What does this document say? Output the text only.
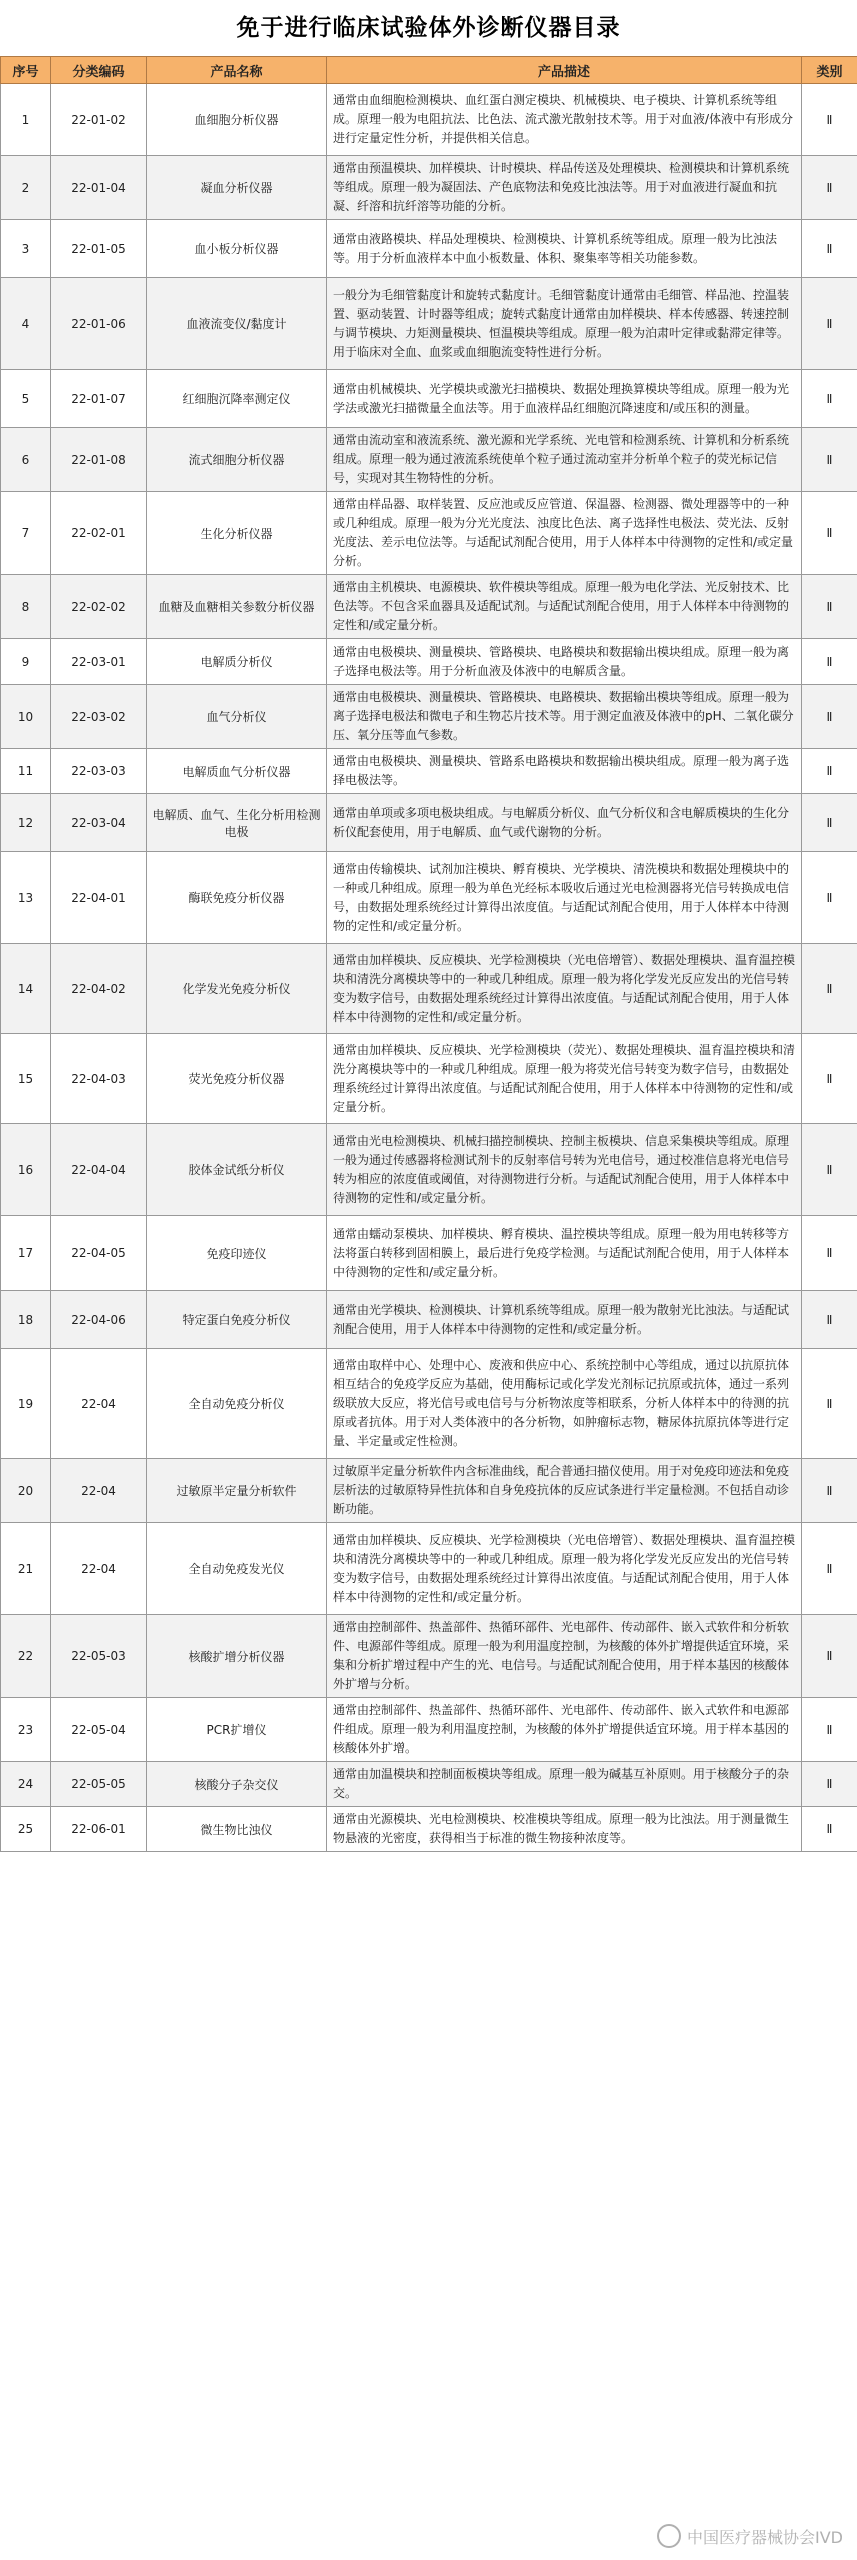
免于进行临床试验体外诊断仪器目录
序号	分类编码	产品名称	产品描述	类别
1	22-01-02	血细胞分析仪器	通常由血细胞检测模块、血红蛋白测定模块、机械模块、电子模块、计算机系统等组成。原理一般为电阻抗法、比色法、流式激光散射技术等。用于对血液/体液中有形成分进行定量定性分析，并提供相关信息。	Ⅱ
2	22-01-04	凝血分析仪器	通常由预温模块、加样模块、计时模块、样品传送及处理模块、检测模块和计算机系统等组成。原理一般为凝固法、产色底物法和免疫比浊法等。用于对血液进行凝血和抗凝、纤溶和抗纤溶等功能的分析。	Ⅱ
3	22-01-05	血小板分析仪器	通常由液路模块、样品处理模块、检测模块、计算机系统等组成。原理一般为比浊法等。用于分析血液样本中血小板数量、体积、聚集率等相关功能参数。	Ⅱ
4	22-01-06	血液流变仪/黏度计	一般分为毛细管黏度计和旋转式黏度计。毛细管黏度计通常由毛细管、样品池、控温装置、驱动装置、计时器等组成；旋转式黏度计通常由加样模块、样本传感器、转速控制与调节模块、力矩测量模块、恒温模块等组成。原理一般为泊肃叶定律或黏滞定律等。用于临床对全血、血浆或血细胞流变特性进行分析。	Ⅱ
5	22-01-07	红细胞沉降率测定仪	通常由机械模块、光学模块或激光扫描模块、数据处理换算模块等组成。原理一般为光学法或激光扫描微量全血法等。用于血液样品红细胞沉降速度和/或压积的测量。	Ⅱ
6	22-01-08	流式细胞分析仪器	通常由流动室和液流系统、激光源和光学系统、光电管和检测系统、计算机和分析系统组成。原理一般为通过液流系统使单个粒子通过流动室并分析单个粒子的荧光标记信号，实现对其生物特性的分析。	Ⅱ
7	22-02-01	生化分析仪器	通常由样品器、取样装置、反应池或反应管道、保温器、检测器、微处理器等中的一种或几种组成。原理一般为分光光度法、浊度比色法、离子选择性电极法、荧光法、反射光度法、差示电位法等。与适配试剂配合使用，用于人体样本中待测物的定性和/或定量分析。	Ⅱ
8	22-02-02	血糖及血糖相关参数分析仪器	通常由主机模块、电源模块、软件模块等组成。原理一般为电化学法、光反射技术、比色法等。不包含采血器具及适配试剂。与适配试剂配合使用，用于人体样本中待测物的定性和/或定量分析。	Ⅱ
9	22-03-01	电解质分析仪	通常由电极模块、测量模块、管路模块、电路模块和数据输出模块组成。原理一般为离子选择电极法等。用于分析血液及体液中的电解质含量。	Ⅱ
10	22-03-02	血气分析仪	通常由电极模块、测量模块、管路模块、电路模块、数据输出模块等组成。原理一般为离子选择电极法和微电子和生物芯片技术等。用于测定血液及体液中的pH、二氧化碳分压、氧分压等血气参数。	Ⅱ
11	22-03-03	电解质血气分析仪器	通常由电极模块、测量模块、管路系电路模块和数据输出模块组成。原理一般为离子选择电极法等。	Ⅱ
12	22-03-04	电解质、血气、生化分析用检测电极	通常由单项或多项电极块组成。与电解质分析仪、血气分析仪和含电解质模块的生化分析仪配套使用，用于电解质、血气或代谢物的分析。	Ⅱ
13	22-04-01	酶联免疫分析仪器	通常由传输模块、试剂加注模块、孵育模块、光学模块、清洗模块和数据处理模块中的一种或几种组成。原理一般为单色光经标本吸收后通过光电检测器将光信号转换成电信号，由数据处理系统经过计算得出浓度值。与适配试剂配合使用，用于人体样本中待测物的定性和/或定量分析。	Ⅱ
14	22-04-02	化学发光免疫分析仪	通常由加样模块、反应模块、光学检测模块（光电倍增管）、数据处理模块、温育温控模块和清洗分离模块等中的一种或几种组成。原理一般为将化学发光反应发出的光信号转变为数字信号，由数据处理系统经过计算得出浓度值。与适配试剂配合使用，用于人体样本中待测物的定性和/或定量分析。	Ⅱ
15	22-04-03	荧光免疫分析仪器	通常由加样模块、反应模块、光学检测模块（荧光）、数据处理模块、温育温控模块和清洗分离模块等中的一种或几种组成。原理一般为将荧光信号转变为数字信号，由数据处理系统经过计算得出浓度值。与适配试剂配合使用，用于人体样本中待测物的定性和/或定量分析。	Ⅱ
16	22-04-04	胶体金试纸分析仪	通常由光电检测模块、机械扫描控制模块、控制主板模块、信息采集模块等组成。原理一般为通过传感器将检测试剂卡的反射率信号转为光电信号，通过校准信息将光电信号转为相应的浓度值或阈值，对待测物进行分析。与适配试剂配合使用，用于人体样本中待测物的定性和/或定量分析。	Ⅱ
17	22-04-05	免疫印迹仪	通常由蠕动泵模块、加样模块、孵育模块、温控模块等组成。原理一般为用电转移等方法将蛋白转移到固相膜上，最后进行免疫学检测。与适配试剂配合使用，用于人体样本中待测物的定性和/或定量分析。	Ⅱ
18	22-04-06	特定蛋白免疫分析仪	通常由光学模块、检测模块、计算机系统等组成。原理一般为散射光比浊法。与适配试剂配合使用，用于人体样本中待测物的定性和/或定量分析。	Ⅱ
19	22-04	全自动免疫分析仪	通常由取样中心、处理中心、废液和供应中心、系统控制中心等组成，通过以抗原抗体相互结合的免疫学反应为基础，使用酶标记或化学发光剂标记抗原或抗体，通过一系列级联放大反应，将光信号或电信号与分析物浓度等相联系，分析人体样本中的待测的抗原或者抗体。用于对人类体液中的各分析物，如肿瘤标志物，糖尿体抗原抗体等进行定量、半定量或定性检测。	Ⅱ
20	22-04	过敏原半定量分析软件	过敏原半定量分析软件内含标准曲线，配合普通扫描仪使用。用于对免疫印迹法和免疫层析法的过敏原特异性抗体和自身免疫抗体的反应试条进行半定量检测。不包括自动诊断功能。	Ⅱ
21	22-04	全自动免疫发光仪	通常由加样模块、反应模块、光学检测模块（光电倍增管）、数据处理模块、温育温控模块和清洗分离模块等中的一种或几种组成。原理一般为将化学发光反应发出的光信号转变为数字信号，由数据处理系统经过计算得出浓度值。与适配试剂配合使用，用于人体样本中待测物的定性和/或定量分析。	Ⅱ
22	22-05-03	核酸扩增分析仪器	通常由控制部件、热盖部件、热循环部件、光电部件、传动部件、嵌入式软件和分析软件、电源部件等组成。原理一般为利用温度控制，为核酸的体外扩增提供适宜环境，采集和分析扩增过程中产生的光、电信号。与适配试剂配合使用，用于样本基因的核酸体外扩增与分析。	Ⅱ
23	22-05-04	PCR扩增仪	通常由控制部件、热盖部件、热循环部件、光电部件、传动部件、嵌入式软件和电源部件组成。原理一般为利用温度控制，为核酸的体外扩增提供适宜环境。用于样本基因的核酸体外扩增。	Ⅱ
24	22-05-05	核酸分子杂交仪	通常由加温模块和控制面板模块等组成。原理一般为碱基互补原则。用于核酸分子的杂交。	Ⅱ
25	22-06-01	微生物比浊仪	通常由光源模块、光电检测模块、校准模块等组成。原理一般为比浊法。用于测量微生物悬液的光密度，获得相当于标准的微生物接种浓度等。	Ⅱ
中国医疗器械协会IVD
